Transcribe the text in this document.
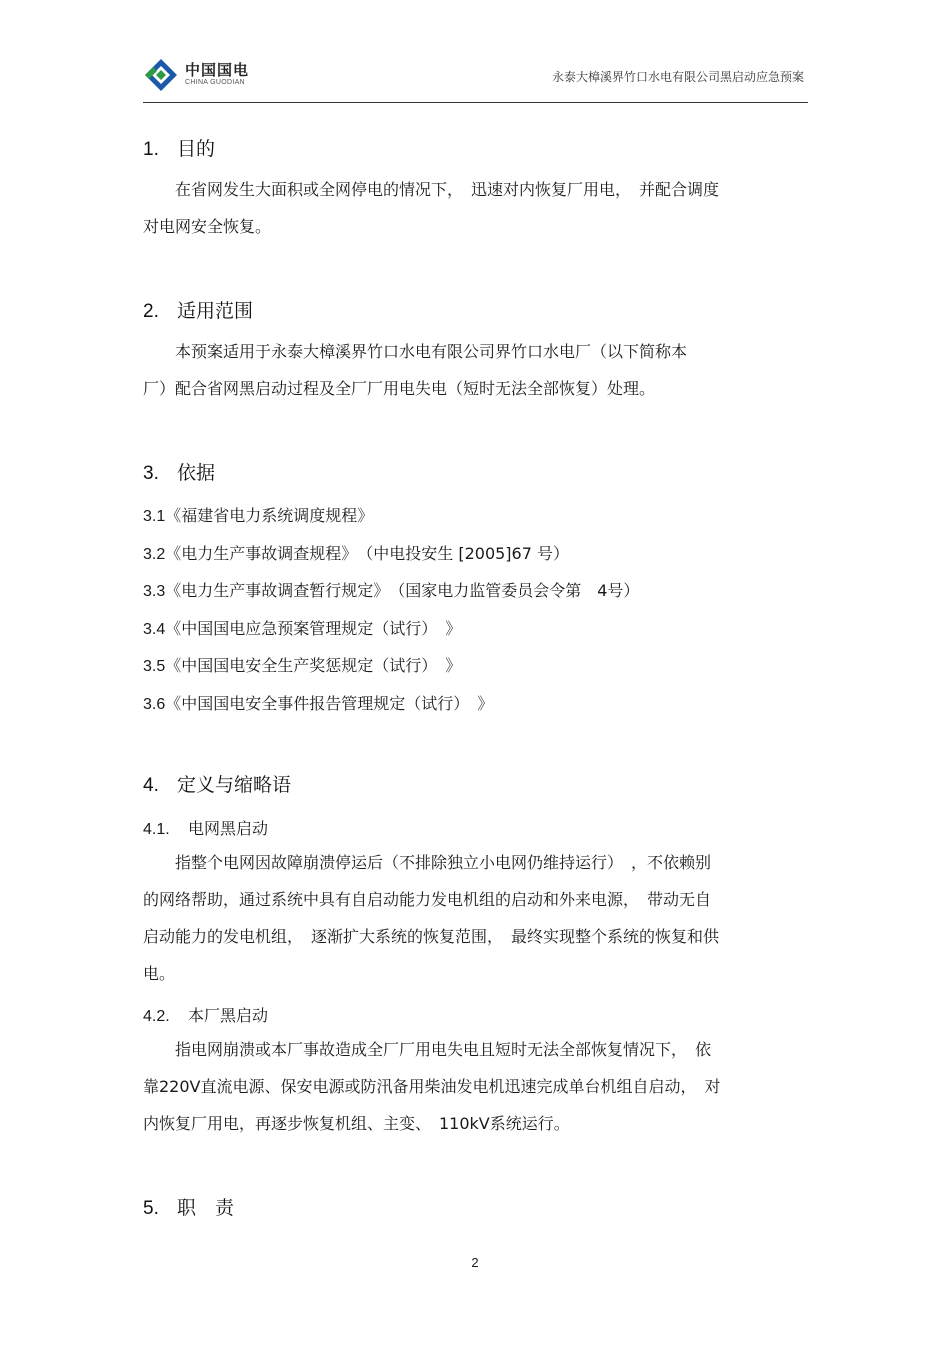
中国国电
CHINA GUODIAN	永泰大樟溪界竹口水电有限公司黑启动应急预案
1. 目的
　　在省网发生大面积或全网停电的情况下，　迅速对内恢复厂用电，　并配合调度
对电网安全恢复。
2. 适用范围
　　本预案适用于永泰大樟溪界竹口水电有限公司界竹口水电厂（以下简称本
厂）配合省网黑启动过程及全厂厂用电失电（短时无法全部恢复）处理。
3. 依据
3.1《福建省电力系统调度规程》
3.2《电力生产事故调查规程》　（中电投安生 [2005]67 号）
3.3《电力生产事故调查暂行规定》　（国家电力监管委员会令第　4号）
3.4《中国国电应急预案管理规定（试行）　》
3.5《中国国电安全生产奖惩规定（试行）　》
3.6《中国国电安全事件报告管理规定（试行）　》
4. 定义与缩略语
4.1. 电网黑启动
　　指整个电网因故障崩溃停运后（不排除独立小电网仍维持运行）　，不依赖别
的网络帮助，通过系统中具有自启动能力发电机组的启动和外来电源，　带动无自
启动能力的发电机组，　逐渐扩大系统的恢复范围，　最终实现整个系统的恢复和供
电。
4.2. 本厂黑启动
　　指电网崩溃或本厂事故造成全厂厂用电失电且短时无法全部恢复情况下，　依
靠220V直流电源、保安电源或防汛备用柴油发电机迅速完成单台机组自启动，　对
内恢复厂用电，再逐步恢复机组、主变、　110kV系统运行。
5. 职　责
2
